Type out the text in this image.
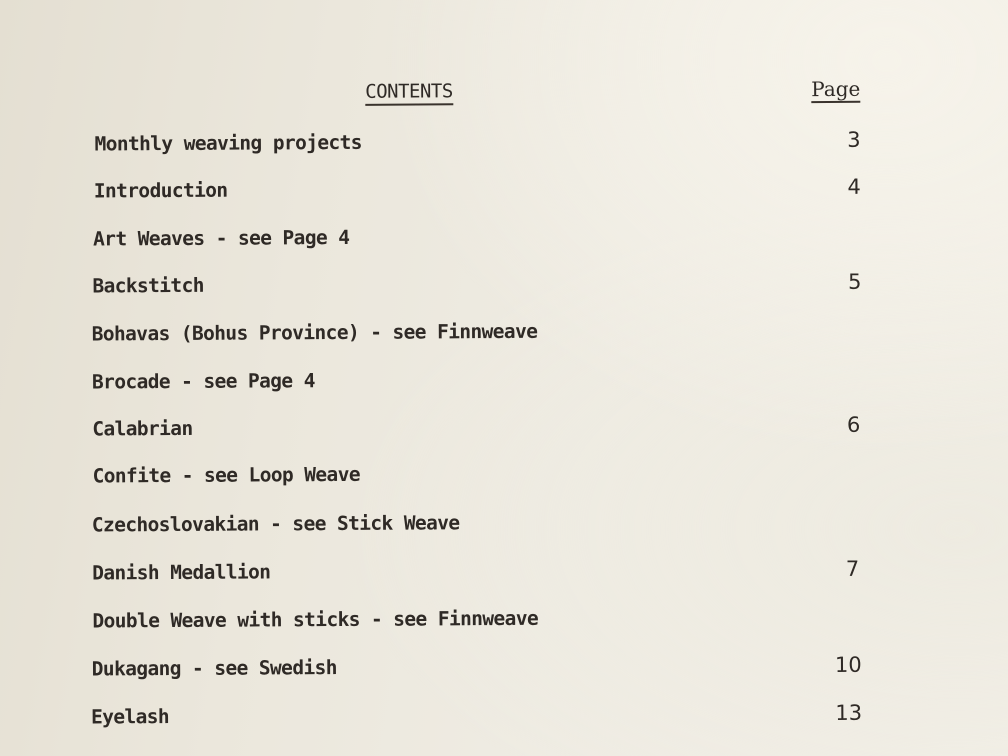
CONTENTS	Page
Monthly weaving projects	3
Introduction	4
Art Weaves - see Page 4
Backstitch	5
Bohavas (Bohus Province) - see Finnweave
Brocade - see Page 4
Calabrian	6
Confite - see Loop Weave
Czechoslovakian - see Stick Weave
Danish Medallion	7
Double Weave with sticks - see Finnweave
Dukagang - see Swedish	10
Eyelash	13
